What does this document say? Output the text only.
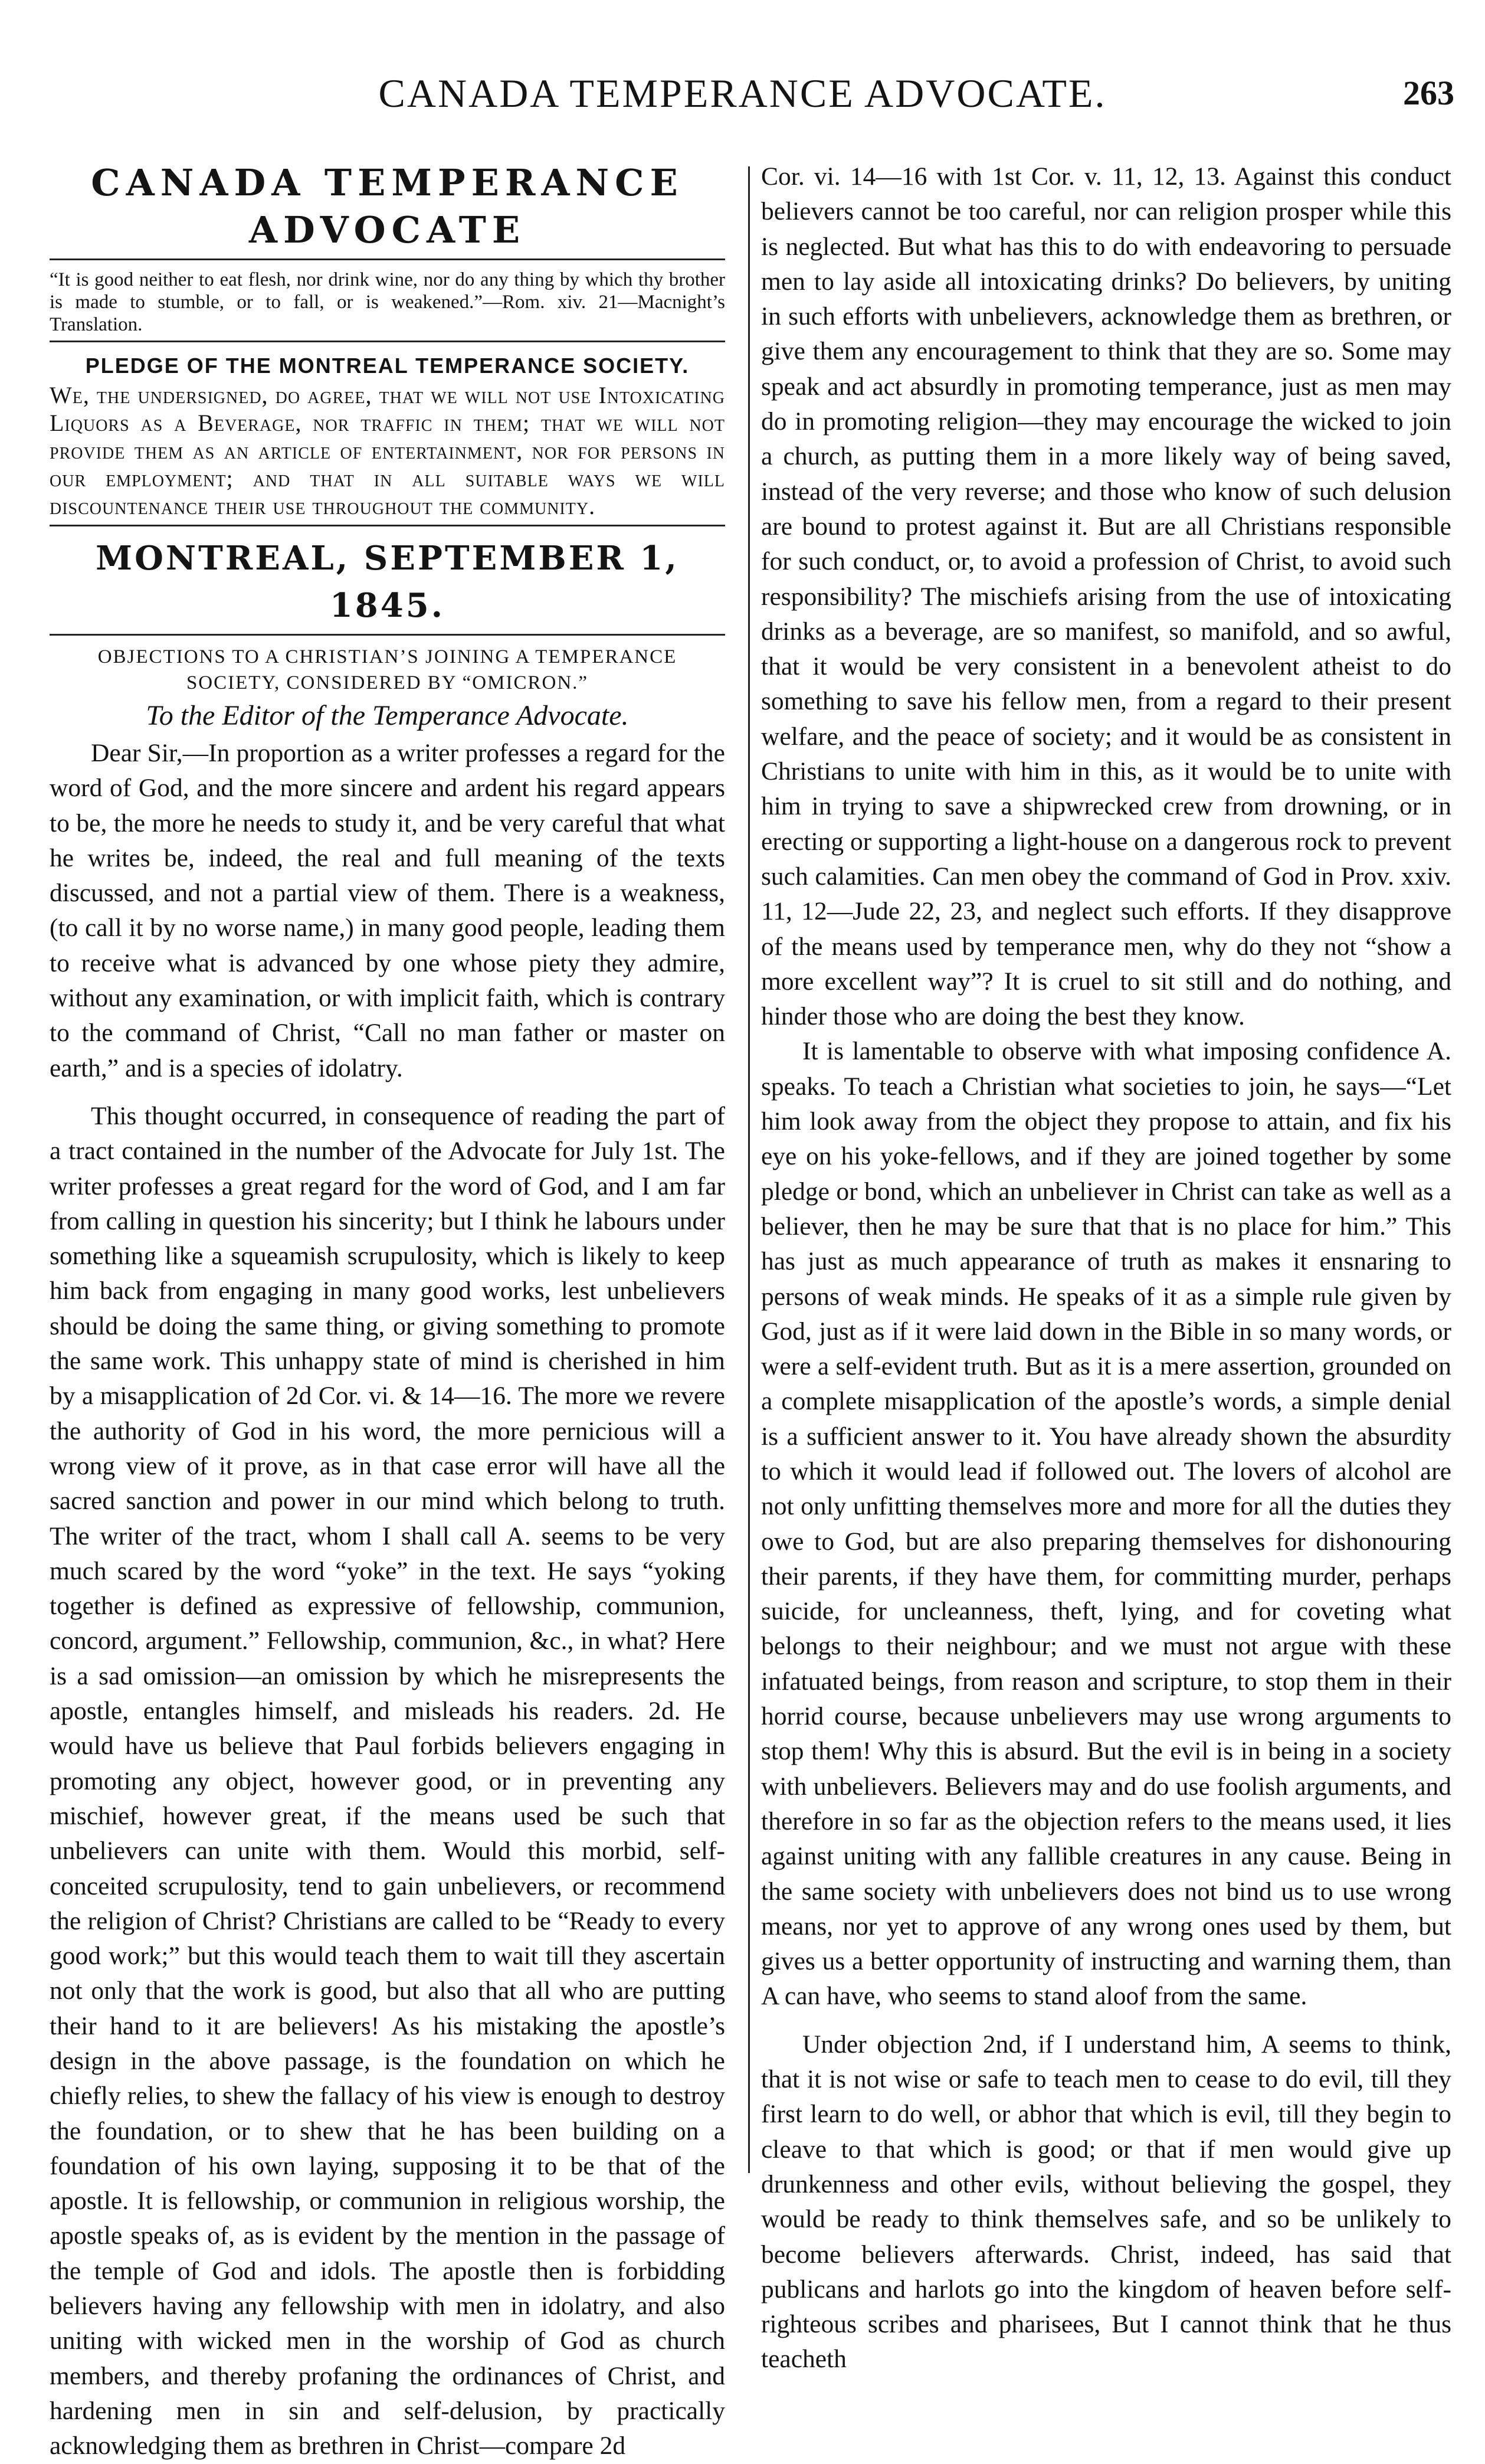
CANADA TEMPERANCE ADVOCATE.	263
CANADA TEMPERANCE ADVOCATE

“It is good neither to eat flesh, nor drink wine, nor do any thing by which thy brother is made to stumble, or to fall, or is weakened.”—Rom. xiv. 21—Macnight’s Translation.

PLEDGE OF THE MONTREAL TEMPERANCE SOCIETY.

We, the undersigned, do agree, that we will not use Intoxicating Liquors as a Beverage, nor traffic in them; that we will not provide them as an article of entertainment, nor for persons in our employment; and that in all suitable ways we will discountenance their use throughout the community.

MONTREAL, SEPTEMBER 1, 1845.
OBJECTIONS TO A CHRISTIAN’S JOINING A TEMPERANCE SOCIETY, CONSIDERED BY “OMICRON.”
To the Editor of the Temperance Advocate.

Dear Sir,—In proportion as a writer professes a regard for the word of God, and the more sincere and ardent his regard appears to be, the more he needs to study it, and be very careful that what he writes be, indeed, the real and full meaning of the texts discussed, and not a partial view of them. There is a weakness, (to call it by no worse name,) in many good people, leading them to receive what is advanced by one whose piety they admire, without any examination, or with implicit faith, which is contrary to the command of Christ, “Call no man father or master on earth,” and is a species of idolatry.

This thought occurred, in consequence of reading the part of a tract contained in the number of the Advocate for July 1st. The writer professes a great regard for the word of God, and I am far from calling in question his sincerity; but I think he labours under something like a squeamish scrupulosity, which is likely to keep him back from engaging in many good works, lest unbelievers should be doing the same thing, or giving something to promote the same work. This unhappy state of mind is cherished in him by a misapplication of 2d Cor. vi. & 14—16. The more we revere the authority of God in his word, the more pernicious will a wrong view of it prove, as in that case error will have all the sacred sanction and power in our mind which belong to truth. The writer of the tract, whom I shall call A. seems to be very much scared by the word “yoke” in the text. He says “yoking together is defined as expressive of fellowship, communion, concord, argument.” Fellowship, communion, &c., in what? Here is a sad omission—an omission by which he misrepresents the apostle, entangles himself, and misleads his readers. 2d. He would have us believe that Paul forbids believers engaging in promoting any object, however good, or in preventing any mischief, however great, if the means used be such that unbelievers can unite with them. Would this morbid, self-conceited scrupulosity, tend to gain unbelievers, or recommend the religion of Christ? Christians are called to be “Ready to every good work;” but this would teach them to wait till they ascertain not only that the work is good, but also that all who are putting their hand to it are believers! As his mistaking the apostle’s design in the above passage, is the foundation on which he chiefly relies, to shew the fallacy of his view is enough to destroy the foundation, or to shew that he has been building on a foundation of his own laying, supposing it to be that of the apostle. It is fellowship, or communion in religious worship, the apostle speaks of, as is evident by the mention in the passage of the temple of God and idols. The apostle then is forbidding believers having any fellowship with men in idolatry, and also uniting with wicked men in the worship of God as church members, and thereby profaning the ordinances of Christ, and hardening men in sin and self-delusion, by practically acknowledging them as brethren in Christ—compare 2d

Cor. vi. 14—16 with 1st Cor. v. 11, 12, 13. Against this conduct believers cannot be too careful, nor can religion prosper while this is neglected. But what has this to do with endeavoring to persuade men to lay aside all intoxicating drinks? Do believers, by uniting in such efforts with unbelievers, acknowledge them as brethren, or give them any encouragement to think that they are so. Some may speak and act absurdly in promoting temperance, just as men may do in promoting religion—they may encourage the wicked to join a church, as putting them in a more likely way of being saved, instead of the very reverse; and those who know of such delusion are bound to protest against it. But are all Christians responsible for such conduct, or, to avoid a profession of Christ, to avoid such responsibility? The mischiefs arising from the use of intoxicating drinks as a beverage, are so manifest, so manifold, and so awful, that it would be very consistent in a benevolent atheist to do something to save his fellow men, from a regard to their present welfare, and the peace of society; and it would be as consistent in Christians to unite with him in this, as it would be to unite with him in trying to save a shipwrecked crew from drowning, or in erecting or supporting a light-house on a dangerous rock to prevent such calamities. Can men obey the command of God in Prov. xxiv. 11, 12—Jude 22, 23, and neglect such efforts. If they disapprove of the means used by temperance men, why do they not “show a more excellent way”? It is cruel to sit still and do nothing, and hinder those who are doing the best they know.

It is lamentable to observe with what imposing confidence A. speaks. To teach a Christian what societies to join, he says—“Let him look away from the object they propose to attain, and fix his eye on his yoke-fellows, and if they are joined together by some pledge or bond, which an unbeliever in Christ can take as well as a believer, then he may be sure that that is no place for him.” This has just as much appearance of truth as makes it ensnaring to persons of weak minds. He speaks of it as a simple rule given by God, just as if it were laid down in the Bible in so many words, or were a self-evident truth. But as it is a mere assertion, grounded on a complete misapplication of the apostle’s words, a simple denial is a sufficient answer to it. You have already shown the absurdity to which it would lead if followed out. The lovers of alcohol are not only unfitting themselves more and more for all the duties they owe to God, but are also preparing themselves for dishonouring their parents, if they have them, for committing murder, perhaps suicide, for uncleanness, theft, lying, and for coveting what belongs to their neighbour; and we must not argue with these infatuated beings, from reason and scripture, to stop them in their horrid course, because unbelievers may use wrong arguments to stop them! Why this is absurd. But the evil is in being in a society with unbelievers. Believers may and do use foolish arguments, and therefore in so far as the objection refers to the means used, it lies against uniting with any fallible creatures in any cause. Being in the same society with unbelievers does not bind us to use wrong means, nor yet to approve of any wrong ones used by them, but gives us a better opportunity of instructing and warning them, than A can have, who seems to stand aloof from the same.

Under objection 2nd, if I understand him, A seems to think, that it is not wise or safe to teach men to cease to do evil, till they first learn to do well, or abhor that which is evil, till they begin to cleave to that which is good; or that if men would give up drunkenness and other evils, without believing the gospel, they would be ready to think themselves safe, and so be unlikely to become believers afterwards. Christ, indeed, has said that publicans and harlots go into the kingdom of heaven before self-righteous scribes and pharisees, But I cannot think that he thus teacheth
